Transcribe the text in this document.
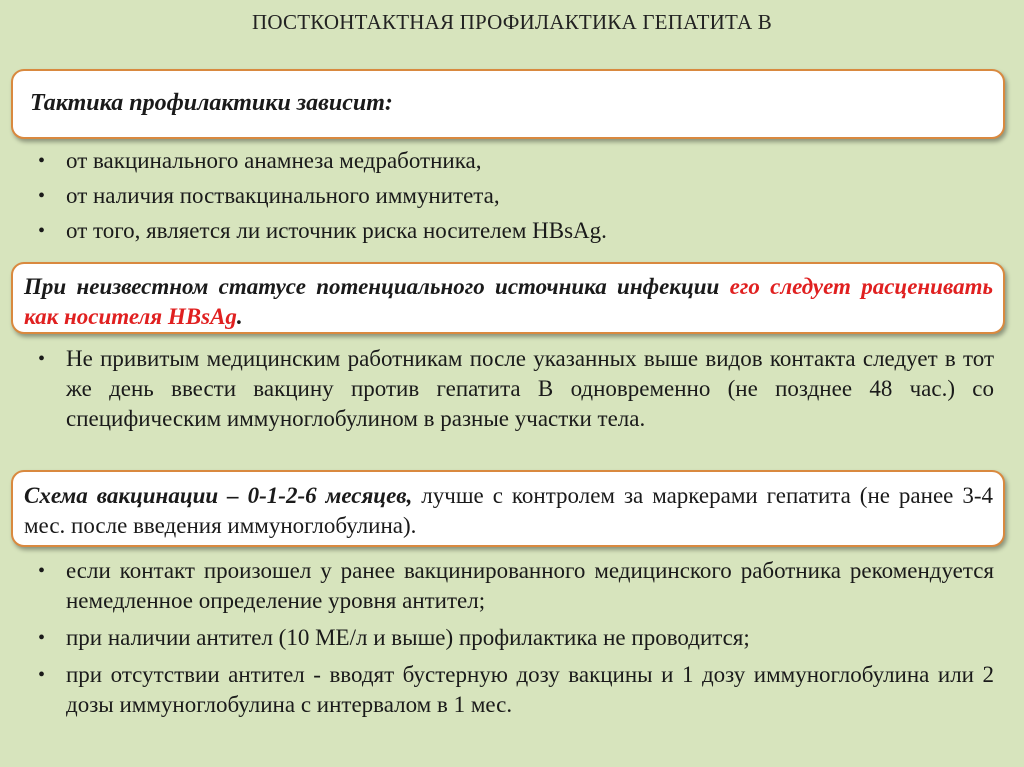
ПОСТКОНТАКТНАЯ ПРОФИЛАКТИКА ГЕПАТИТА В
Тактика профилактики зависит:
• от вакцинального анамнеза медработника,
• от наличия поствакцинального иммунитета,
• от того, является ли источник риска носителем HBsAg.
При неизвестном статусе потенциального источника инфекции его следует расценивать как носителя HBsAg.
• Не привитым медицинским работникам после указанных выше видов контакта следует в тот же день ввести вакцину против гепатита В одновременно (не позднее 48 час.) со специфическим иммуноглобулином в разные участки тела.
Схема вакцинации – 0-1-2-6 месяцев, лучше с контролем за маркерами гепатита (не ранее 3-4 мес. после введения иммуноглобулина).
• если контакт произошел у ранее вакцинированного медицинского работника рекомендуется немедленное определение уровня антител;
• при наличии антител (10 МЕ/л и выше) профилактика не проводится;
• при отсутствии антител - вводят бустерную дозу вакцины и 1 дозу иммуноглобулина или 2 дозы иммуноглобулина с интервалом в 1 мес.
